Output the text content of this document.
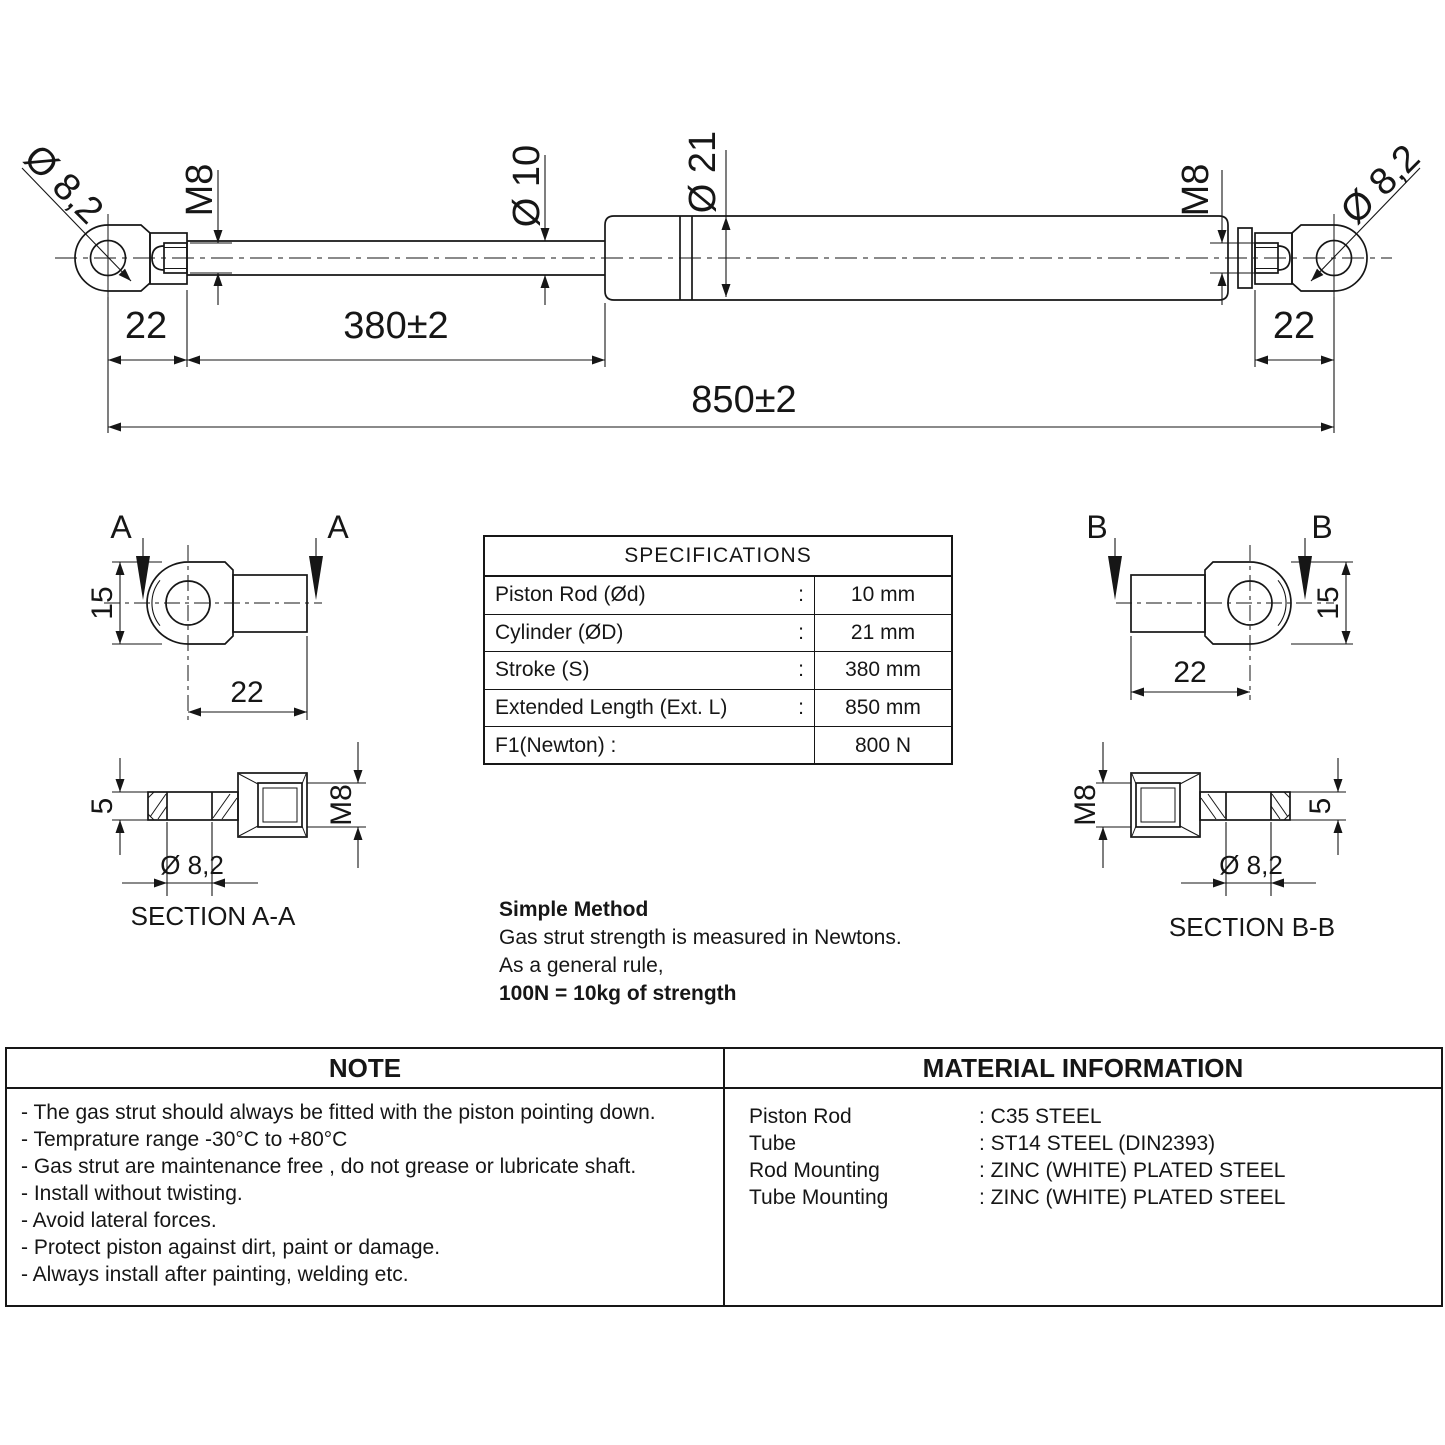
Ø 8,2 M8	Ø 10	Ø 21	M8	Ø 8,2
22	380±2	22
850±2
A	A
15
22
5	M8
Ø 8,2
SECTION A-A
B	B
15
22
M8	5
Ø 8,2
SECTION B-B
SPECIFICATIONS
Piston Rod (Ød)	:	10 mm
Cylinder (ØD)	:	21 mm
Stroke (S)	:	380 mm
Extended Length (Ext. L)	:	850 mm
F1(Newton) :	800 N
Simple Method
Gas strut strength is measured in Newtons.
As a general rule,
100N = 10kg of strength
NOTE	MATERIAL INFORMATION
- The gas strut should always be fitted with the piston pointing down.
- Temprature range -30°C to +80°C
- Gas strut are maintenance free , do not grease or lubricate shaft.
- Install without twisting.
- Avoid lateral forces.
- Protect piston against dirt, paint or damage.
- Always install after painting, welding etc.
Piston Rod	: C35 STEEL
Tube	: ST14 STEEL (DIN2393)
Rod Mounting	: ZINC (WHITE) PLATED STEEL
Tube Mounting	: ZINC (WHITE) PLATED STEEL
